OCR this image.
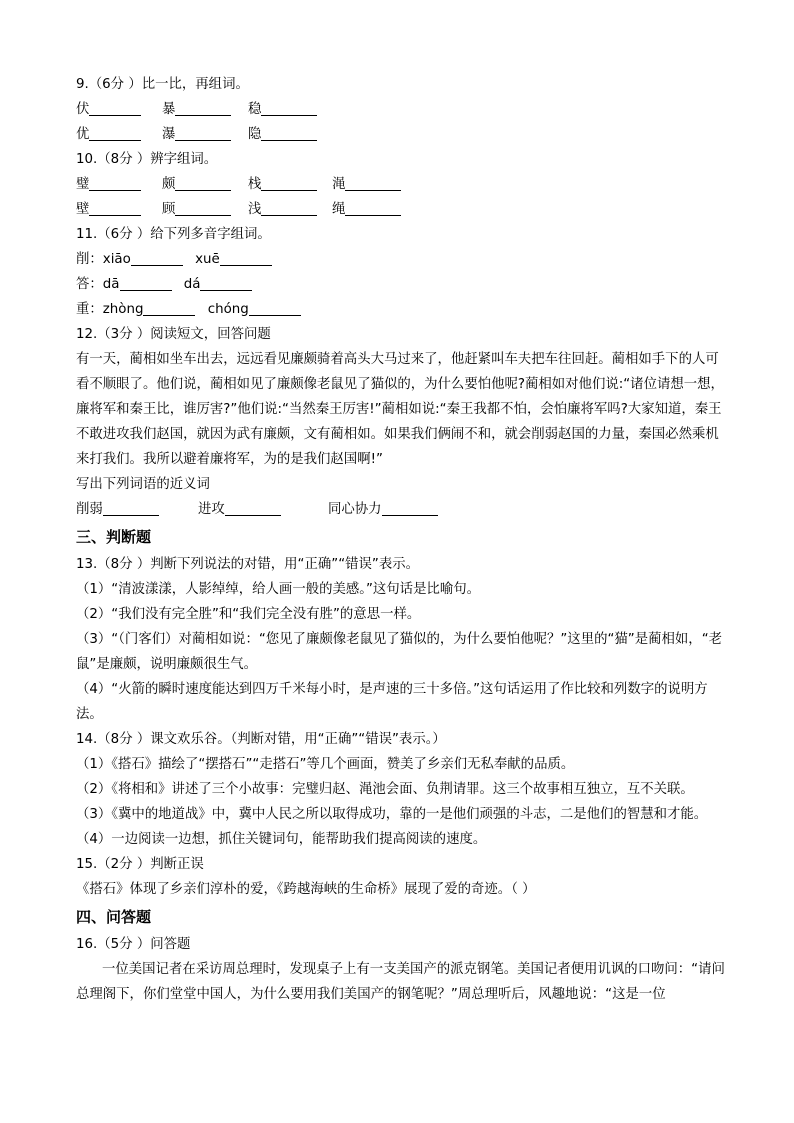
9.（6分 ）比一比，再组词。
伏	暴	稳
优	瀑	隐
10.（8分 ）辨字组词。
璧	颇	栈	渑
壁	顾	浅	绳
11.（6分 ）给下列多音字组词。
削：xiāo	xuē
答：dā	dá
重：zhòng	chóng
12.（3分 ）阅读短文，回答问题
有一天，蔺相如坐车出去，远远看见廉颇骑着高头大马过来了，他赶紧叫车夫把车往回赶。蔺相如手下的人可看不顺眼了。他们说，蔺相如见了廉颇像老鼠见了猫似的，为什么要怕他呢?蔺相如对他们说:“诸位请想一想，廉将军和秦王比，谁厉害?”他们说:“当然秦王厉害!”蔺相如说:“秦王我都不怕，会怕廉将军吗?大家知道，秦王不敢进攻我们赵国，就因为武有廉颇，文有蔺相如。如果我们俩闹不和，就会削弱赵国的力量，秦国必然乘机来打我们。我所以避着廉将军，为的是我们赵国啊!”
写出下列词语的近义词
削弱	进攻	同心协力
三、判断题
13.（8分 ）判断下列说法的对错，用“正确”“错误”表示。
（1）“清波漾漾，人影绰绰，给人画一般的美感。”这句话是比喻句。
（2）“我们没有完全胜”和“我们完全没有胜”的意思一样。
（3）“（门客们）对蔺相如说：“您见了廉颇像老鼠见了猫似的，为什么要怕他呢？”这里的“猫”是蔺相如，“老鼠”是廉颇，说明廉颇很生气。
（4）“火箭的瞬时速度能达到四万千米每小时，是声速的三十多倍。”这句话运用了作比较和列数字的说明方法。
14.（8分 ）课文欢乐谷。（判断对错，用“正确”“错误”表示。）
（1）《搭石》描绘了“摆搭石”“走搭石”等几个画面，赞美了乡亲们无私奉献的品质。
（2）《将相和》讲述了三个小故事：完璧归赵、渑池会面、负荆请罪。这三个故事相互独立，互不关联。
（3）《冀中的地道战》中，冀中人民之所以取得成功，靠的一是他们顽强的斗志，二是他们的智慧和才能。
（4）一边阅读一边想，抓住关键词句，能帮助我们提高阅读的速度。
15.（2分 ）判断正误
《搭石》体现了乡亲们淳朴的爱，《跨越海峡的生命桥》展现了爱的奇迹。（ ）
四、问答题
16.（5分 ）问答题
一位美国记者在采访周总理时，发现桌子上有一支美国产的派克钢笔。美国记者便用讥讽的口吻问：“请问总理阁下，你们堂堂中国人，为什么要用我们美国产的钢笔呢？”周总理听后，风趣地说：“这是一位
